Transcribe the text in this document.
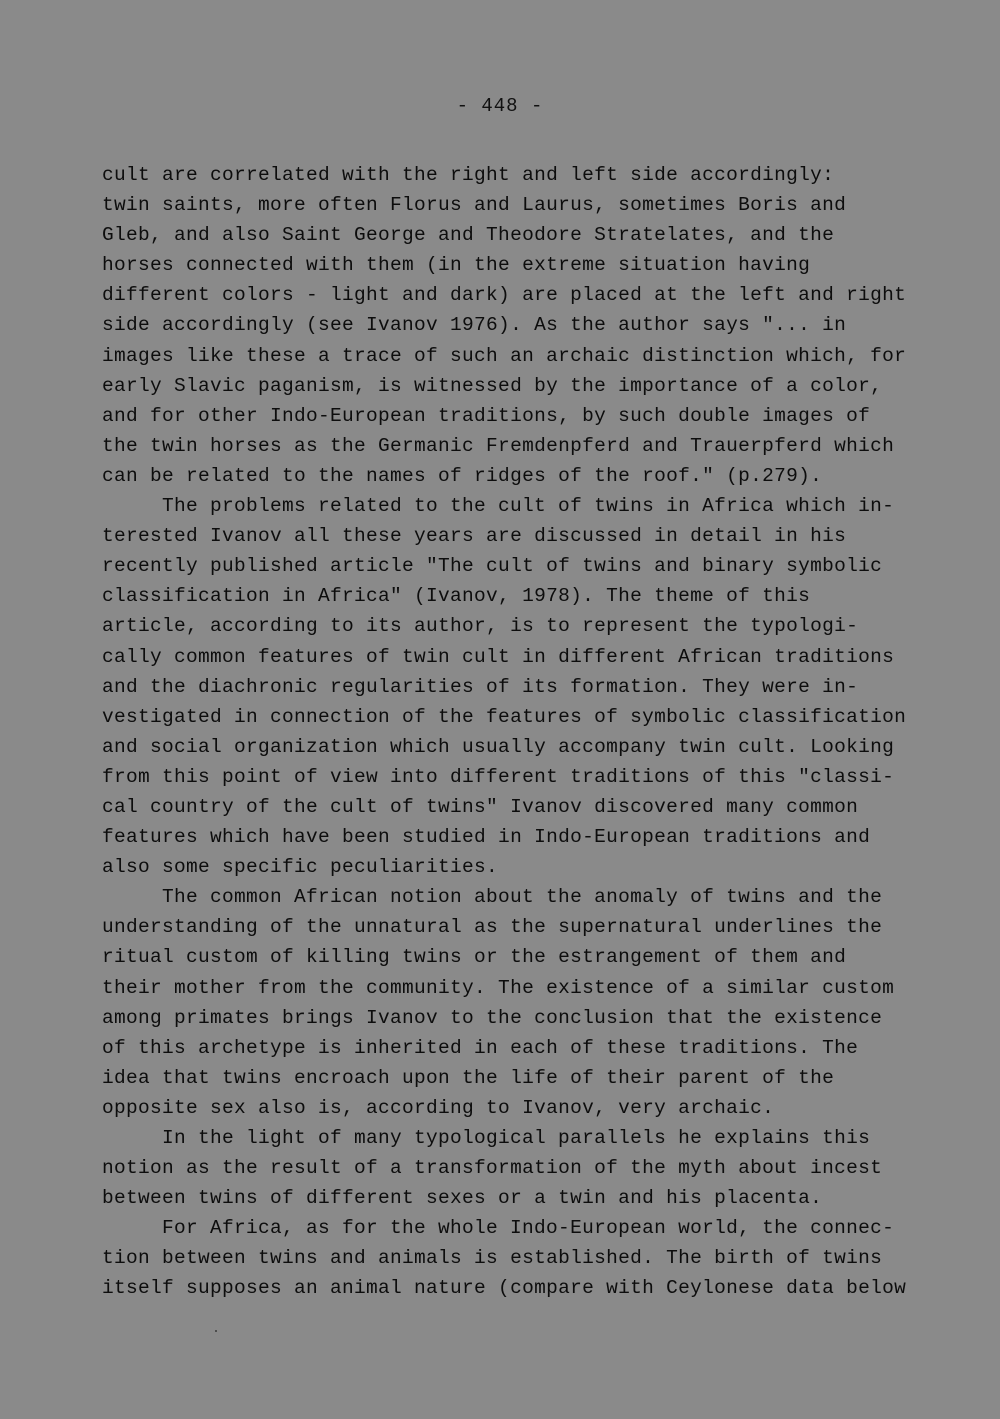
- 448 -
cult are correlated with the right and left side accordingly:
twin saints, more often Florus and Laurus, sometimes Boris and
Gleb, and also Saint George and Theodore Stratelates, and the
horses connected with them (in the extreme situation having
different colors - light and dark) are placed at the left and right
side accordingly (see Ivanov 1976). As the author says "... in
images like these a trace of such an archaic distinction which, for
early Slavic paganism, is witnessed by the importance of a color,
and for other Indo-European traditions, by such double images of
the twin horses as the Germanic Fremdenpferd and Trauerpferd which
can be related to the names of ridges of the roof." (p.279).
The problems related to the cult of twins in Africa which in-
terested Ivanov all these years are discussed in detail in his
recently published article "The cult of twins and binary symbolic
classification in Africa" (Ivanov, 1978). The theme of this
article, according to its author, is to represent the typologi-
cally common features of twin cult in different African traditions
and the diachronic regularities of its formation. They were in-
vestigated in connection of the features of symbolic classification
and social organization which usually accompany twin cult. Looking
from this point of view into different traditions of this "classi-
cal country of the cult of twins" Ivanov discovered many common
features which have been studied in Indo-European traditions and
also some specific peculiarities.
The common African notion about the anomaly of twins and the
understanding of the unnatural as the supernatural underlines the
ritual custom of killing twins or the estrangement of them and
their mother from the community. The existence of a similar custom
among primates brings Ivanov to the conclusion that the existence
of this archetype is inherited in each of these traditions. The
idea that twins encroach upon the life of their parent of the
opposite sex also is, according to Ivanov, very archaic.
In the light of many typological parallels he explains this
notion as the result of a transformation of the myth about incest
between twins of different sexes or a twin and his placenta.
For Africa, as for the whole Indo-European world, the connec-
tion between twins and animals is established. The birth of twins
itself supposes an animal nature (compare with Ceylonese data below
